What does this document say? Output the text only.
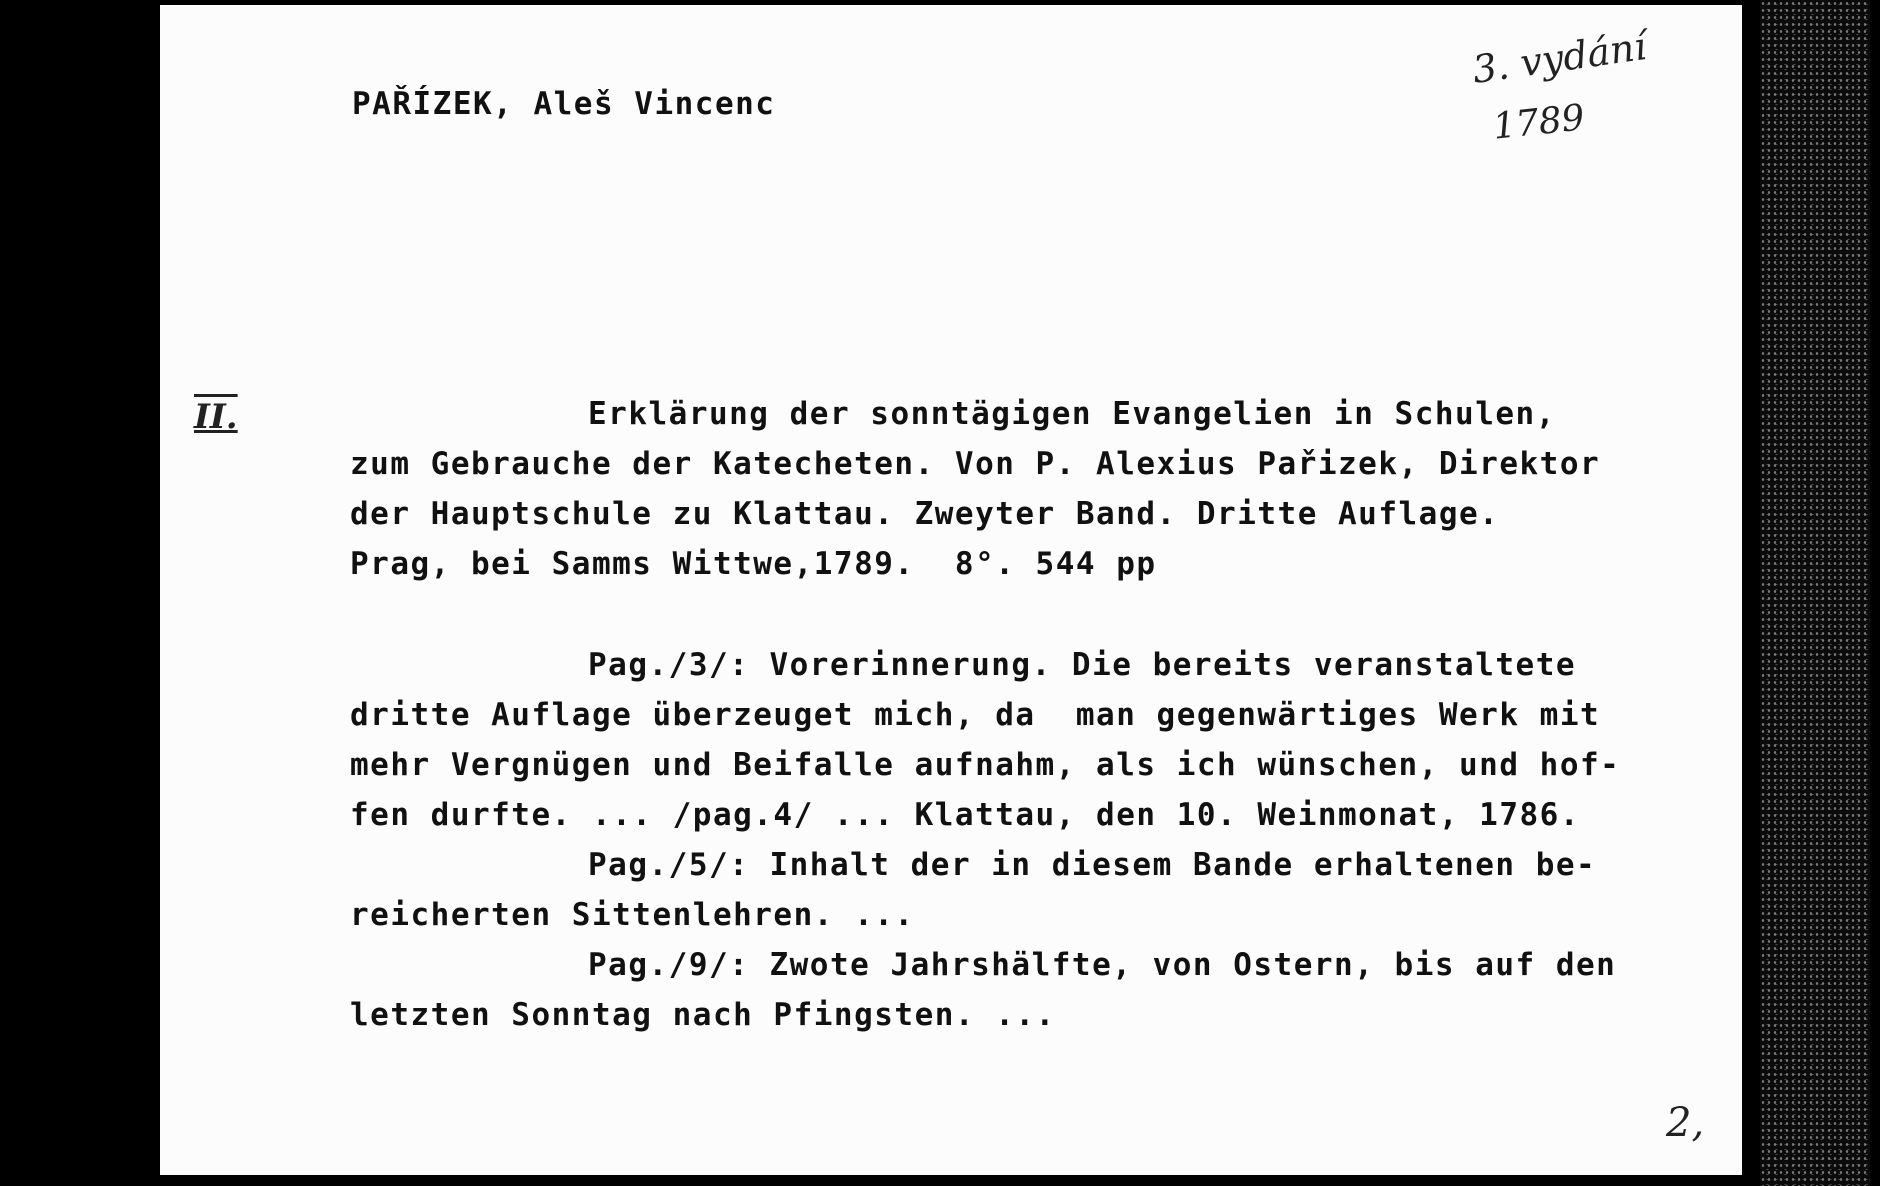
PAŘÍZEK, Aleš Vincenc
3. vydání
1789
II.	Erklärung der sonntägigen Evangelien in Schulen,
zum Gebrauche der Katecheten. Von P. Alexius Pařizek, Direktor
der Hauptschule zu Klattau. Zweyter Band. Dritte Auflage.
Prag, bei Samms Wittwe,1789.  8°. 544 pp
Pag./3/: Vorerinnerung. Die bereits veranstaltete
dritte Auflage überzeuget mich, da  man gegenwärtiges Werk mit
mehr Vergnügen und Beifalle aufnahm, als ich wünschen, und hof-
fen durfte. ... /pag.4/ ... Klattau, den 10. Weinmonat, 1786.
Pag./5/: Inhalt der in diesem Bande erhaltenen be-
reicherten Sittenlehren. ...
Pag./9/: Zwote Jahrshälfte, von Ostern, bis auf den
letzten Sonntag nach Pfingsten. ...
2,
